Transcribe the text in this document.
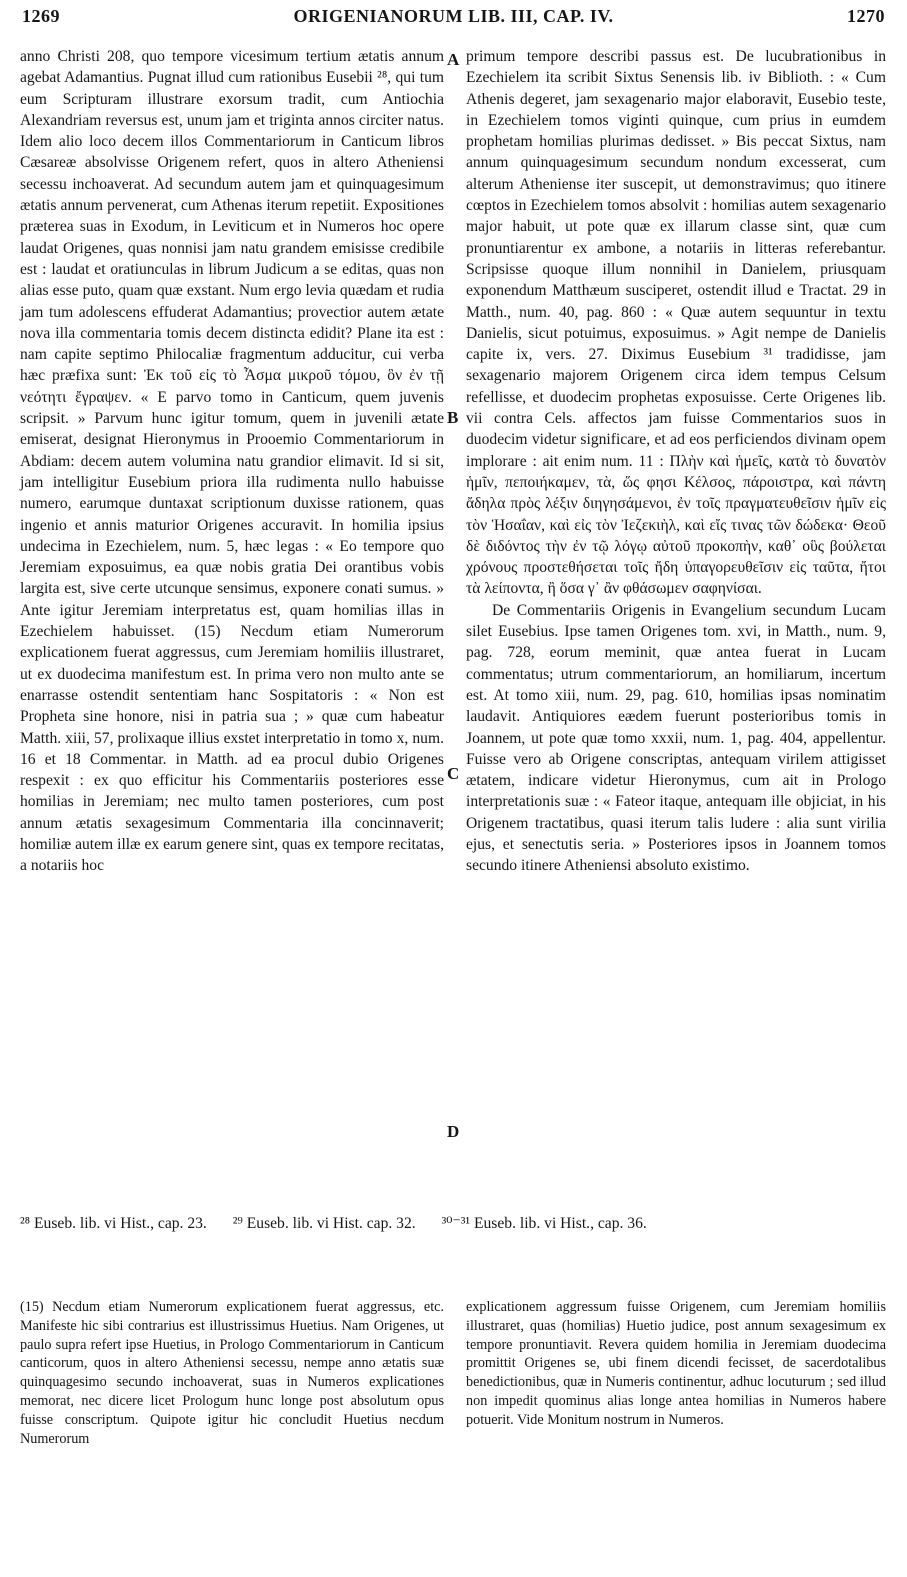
1269	ORIGENIANORUM LIB. III, CAP. IV.	1270

anno Christi 208, quo tempore vicesimum tertium ætatis annum agebat Adamantius. Pugnat illud cum rationibus Eusebii ²⁸, qui tum eum Scripturam illustrare exorsum tradit, cum Antiochia Alexandriam reversus est, unum jam et triginta annos circiter natus. Idem alio loco decem illos Commentariorum in Canticum libros Cæsareæ absolvisse Origenem refert, quos in altero Atheniensi secessu inchoaverat. Ad secundum autem jam et quinquagesimum ætatis annum pervenerat, cum Athenas iterum repetiit. Expositiones præterea suas in Exodum, in Leviticum et in Numeros hoc opere laudat Origenes, quas nonnisi jam natu grandem emisisse credibile est : laudat et oratiunculas in librum Judicum a se editas, quas non alias esse puto, quam quæ exstant. Num ergo levia quædam et rudia jam tum adolescens effuderat Adamantius; provectior autem ætate nova illa commentaria tomis decem distincta edidit? Plane ita est : nam capite septimo Philocaliæ fragmentum adducitur, cui verba hæc præfixa sunt: Ἐκ τοῦ εἰς τὸ Ἆσμα μικροῦ τόμου, ὃν ἐν τῇ νεότητι ἔγραψεν. « E parvo tomo in Canticum, quem juvenis scripsit. » Parvum hunc igitur tomum, quem in juvenili ætate emiserat, designat Hieronymus in Prooemio Commentariorum in Abdiam: decem autem volumina natu grandior elimavit. Id si sit, jam intelligitur Eusebium priora illa rudimenta nullo habuisse numero, earumque duntaxat scriptionum duxisse rationem, quas ingenio et annis maturior Origenes accuravit. In homilia ipsius undecima in Ezechielem, num. 5, hæc legas : « Eo tempore quo Jeremiam exposuimus, ea quæ nobis gratia Dei orantibus vobis largita est, sive certe utcunque sensimus, exponere conati sumus. » Ante igitur Jeremiam interpretatus est, quam homilias illas in Ezechielem habuisset. (15) Necdum etiam Numerorum explicationem fuerat aggressus, cum Jeremiam homiliis illustraret, ut ex duodecima manifestum est. In prima vero non multo ante se enarrasse ostendit sententiam hanc Sospitatoris : « Non est Propheta sine honore, nisi in patria sua ; » quæ cum habeatur Matth. xiii, 57, prolixaque illius exstet interpretatio in tomo x, num. 16 et 18 Commentar. in Matth. ad ea procul dubio Origenes respexit : ex quo efficitur his Commentariis posteriores esse homilias in Jeremiam; nec multo tamen posteriores, cum post annum ætatis sexagesimum Commentaria illa concinnaverit; homiliæ autem illæ ex earum genere sint, quas ex tempore recitatas, a notariis hoc

primum tempore describi passus est. De lucubrationibus in Ezechielem ita scribit Sixtus Senensis lib. iv Biblioth. : « Cum Athenis degeret, jam sexagenario major elaboravit, Eusebio teste, in Ezechielem tomos viginti quinque, cum prius in eumdem prophetam homilias plurimas dedisset. » Bis peccat Sixtus, nam annum quinquagesimum secundum nondum excesserat, cum alterum Atheniense iter suscepit, ut demonstravimus; quo itinere cœptos in Ezechielem tomos absolvit : homilias autem sexagenario major habuit, ut pote quæ ex illarum classe sint, quæ cum pronuntiarentur ex ambone, a notariis in litteras referebantur. Scripsisse quoque illum nonnihil in Danielem, priusquam exponendum Matthæum susciperet, ostendit illud e Tractat. 29 in Matth., num. 40, pag. 860 : « Quæ autem sequuntur in textu Danielis, sicut potuimus, exposuimus. » Agit nempe de Danielis capite ix, vers. 27. Diximus Eusebium ³¹ tradidisse, jam sexagenario majorem Origenem circa idem tempus Celsum refellisse, et duodecim prophetas exposuisse. Certe Origenes lib. vii contra Cels. affectos jam fuisse Commentarios suos in duodecim videtur significare, et ad eos perficiendos divinam opem implorare : ait enim num. 11 : Πλὴν καὶ ἡμεῖς, κατὰ τὸ δυνατὸν ἡμῖν, πεποιήκαμεν, τὰ, ὥς φησι Κέλσος, πάροιστρα, καὶ πάντη ἄδηλα πρὸς λέξιν διηγησάμενοι, ἐν τοῖς πραγματευθεῖσιν ἡμῖν εἰς τὸν Ἡσαΐαν, καὶ εἰς τὸν Ἰεζεκιὴλ, καὶ εἴς τινας τῶν δώδεκα· Θεοῦ δὲ διδόντος τὴν ἐν τῷ λόγῳ αὐτοῦ προκοπὴν, καθ᾽ οὓς βούλεται χρόνους προστεθήσεται τοῖς ἤδη ὑπαγορευθεῖσιν εἰς ταῦτα, ἤτοι τὰ λείποντα, ἢ ὅσα γ᾽ ἂν φθάσωμεν σαφηνίσαι.

De Commentariis Origenis in Evangelium secundum Lucam silet Eusebius. Ipse tamen Origenes tom. xvi, in Matth., num. 9, pag. 728, eorum meminit, quæ antea fuerat in Lucam commentatus; utrum commentariorum, an homiliarum, incertum est. At tomo xiii, num. 29, pag. 610, homilias ipsas nominatim laudavit. Antiquiores eædem fuerunt posterioribus tomis in Joannem, ut pote quæ tomo xxxii, num. 1, pag. 404, appellentur. Fuisse vero ab Origene conscriptas, antequam virilem attigisset ætatem, indicare videtur Hieronymus, cum ait in Prologo interpretationis suæ : « Fateor itaque, antequam ille objiciat, in his Origenem tractatibus, quasi iterum talis ludere : alia sunt virilia ejus, et senectutis seria. » Posteriores ipsos in Joannem tomos secundo itinere Atheniensi absoluto existimo.

A
B
C
D
²⁸ Euseb. lib. vi Hist., cap. 23. ²⁹ Euseb. lib. vi Hist. cap. 32. ³⁰⁻³¹ Euseb. lib. vi Hist., cap. 36.

(15) Necdum etiam Numerorum explicationem fuerat aggressus, etc. Manifeste hic sibi contrarius est illustrissimus Huetius. Nam Origenes, ut paulo supra refert ipse Huetius, in Prologo Commentariorum in Canticum canticorum, quos in altero Atheniensi secessu, nempe anno ætatis suæ quinquagesimo secundo inchoaverat, suas in Numeros explicationes memorat, nec dicere licet Prologum hunc longe post absolutum opus fuisse conscriptum. Quipote igitur hic concludit Huetius necdum Numerorum

explicationem aggressum fuisse Origenem, cum Jeremiam homiliis illustraret, quas (homilias) Huetio judice, post annum sexagesimum ex tempore pronuntiavit. Revera quidem homilia in Jeremiam duodecima promittit Origenes se, ubi finem dicendi fecisset, de sacerdotalibus benedictionibus, quæ in Numeris continentur, adhuc locuturum ; sed illud non impedit quominus alias longe antea homilias in Numeros habere potuerit. Vide Monitum nostrum in Numeros.
